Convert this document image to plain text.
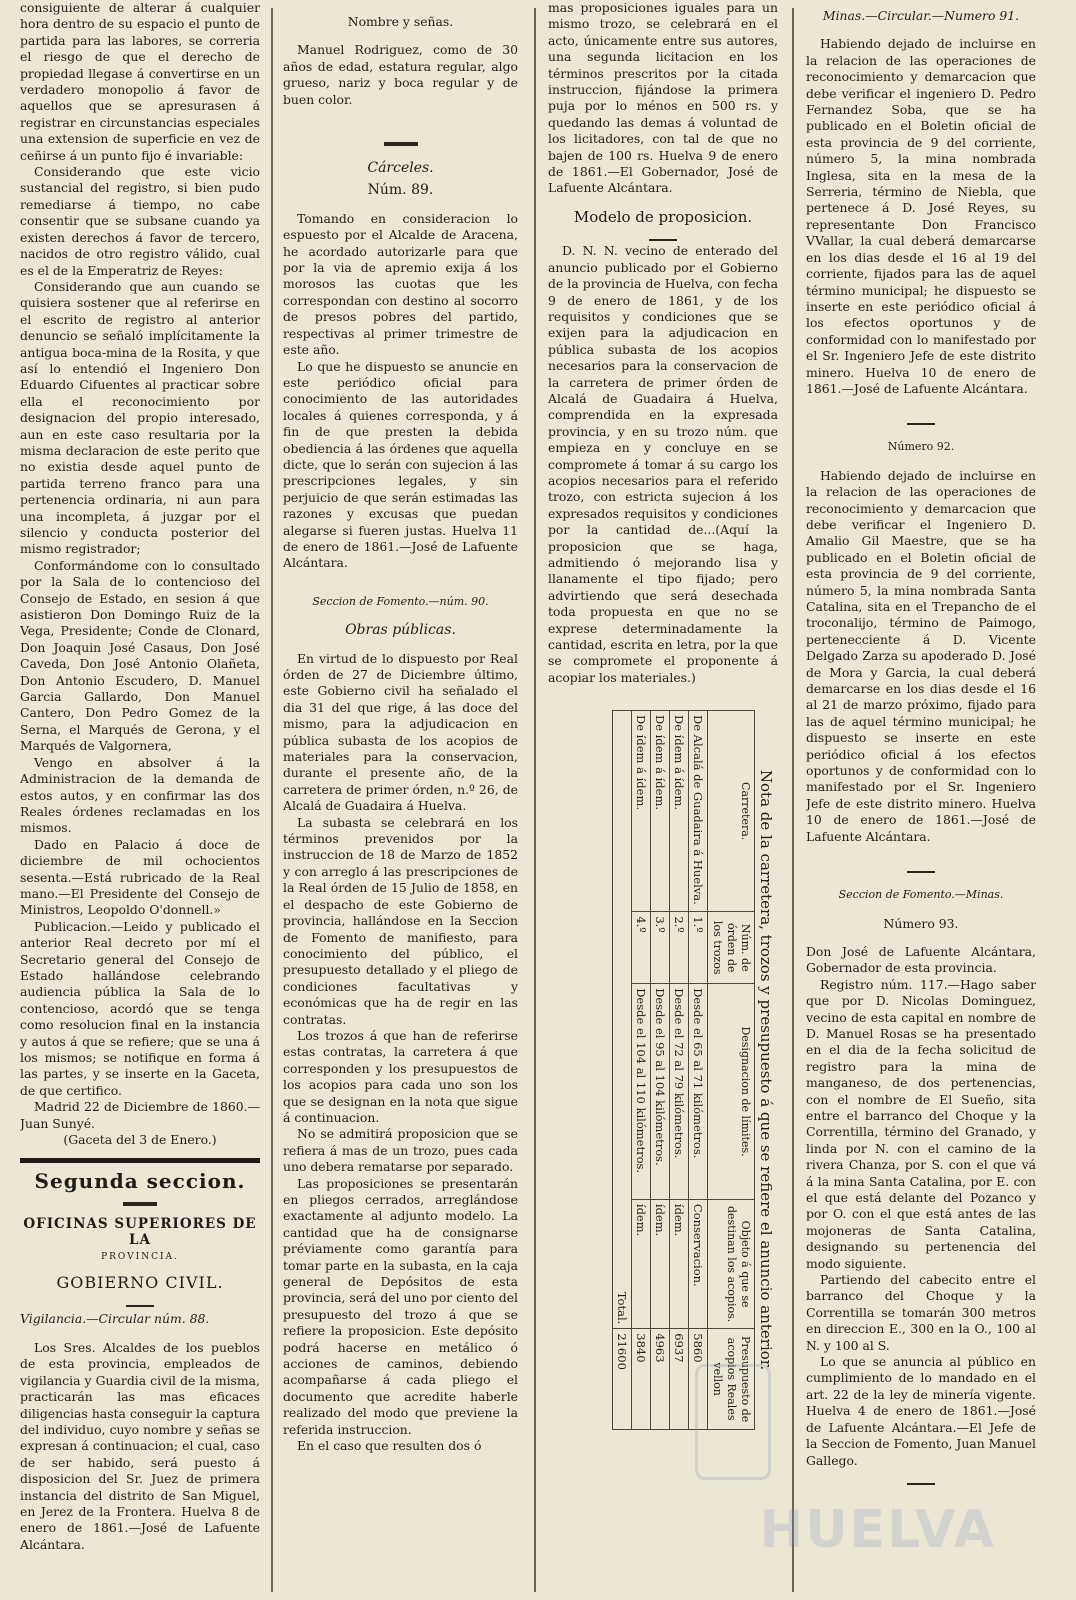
consiguiente de alterar á cualquier hora dentro de su espacio el punto de partida para las labores, se correria el riesgo de que el derecho de propiedad llegase á convertirse en un verdadero monopolio á favor de aquellos que se apresurasen á registrar en circunstancias especiales una extension de superficie en vez de ceñirse á un punto fijo é invariable:

Considerando que este vicio sustancial del registro, si bien pudo remediarse á tiempo, no cabe consentir que se subsane cuando ya existen derechos á favor de tercero, nacidos de otro registro válido, cual es el de la Emperatriz de Reyes:

Considerando que aun cuando se quisiera sostener que al referirse en el escrito de registro al anterior denuncio se señaló implícitamente la antigua boca-mina de la Rosita, y que así lo entendió el Ingeniero Don Eduardo Cifuentes al practicar sobre ella el reconocimiento por designacion del propio interesado, aun en este caso resultaria por la misma declaracion de este perito que no existia desde aquel punto de partida terreno franco para una pertenencia ordinaria, ni aun para una incompleta, á juzgar por el silencio y conducta posterior del mismo registrador;

Conformándome con lo consultado por la Sala de lo contencioso del Consejo de Estado, en sesion á que asistieron Don Domingo Ruiz de la Vega, Presidente; Conde de Clonard, Don Joaquin José Casaus, Don José Caveda, Don José Antonio Olañeta, Don Antonio Escudero, D. Manuel Garcia Gallardo, Don Manuel Cantero, Don Pedro Gomez de la Serna, el Marqués de Gerona, y el Marqués de Valgornera,

Vengo en absolver á la Administracion de la demanda de estos autos, y en confirmar las dos Reales órdenes reclamadas en los mismos.

Dado en Palacio á doce de diciembre de mil ochocientos sesenta.—Está rubricado de la Real mano.—El Presidente del Consejo de Ministros, Leopoldo O'donnell.»

Publicacion.—Leido y publicado el anterior Real decreto por mí el Secretario general del Consejo de Estado hallándose celebrando audiencia pública la Sala de lo contencioso, acordó que se tenga como resolucion final en la instancia y autos á que se refiere; que se una á los mismos; se notifique en forma á las partes, y se inserte en la Gaceta, de que certifico.

Madrid 22 de Diciembre de 1860.—Juan Sunyé.

(Gaceta del 3 de Enero.)

Segunda seccion.
OFICINAS SUPERIORES DE LA
PROVINCIA.
GOBIERNO CIVIL.

Vigilancia.—Circular núm. 88.

Los Sres. Alcaldes de los pueblos de esta provincia, empleados de vigilancia y Guardia civil de la misma, practicarán las mas eficaces diligencias hasta conseguir la captura del individuo, cuyo nombre y señas se expresan á continuacion; el cual, caso de ser habido, será puesto á disposicion del Sr. Juez de primera instancia del distrito de San Miguel, en Jerez de la Frontera. Huelva 8 de enero de 1861.—José de Lafuente Alcántara.

Nombre y señas.

Manuel Rodriguez, como de 30 años de edad, estatura regular, algo grueso, nariz y boca regular y de buen color.

Cárceles.

Núm. 89.

Tomando en consideracion lo espuesto por el Alcalde de Aracena, he acordado autorizarle para que por la via de apremio exija á los morosos las cuotas que les correspondan con destino al socorro de presos pobres del partido, respectivas al primer trimestre de este año.

Lo que he dispuesto se anuncie en este periódico oficial para conocimiento de las autoridades locales á quienes corresponda, y á fin de que presten la debida obediencia á las órdenes que aquella dicte, que lo serán con sujecion á las prescripciones legales, y sin perjuicio de que serán estimadas las razones y excusas que puedan alegarse si fueren justas. Huelva 11 de enero de 1861.—José de Lafuente Alcántara.

Seccion de Fomento.—núm. 90.

Obras públicas.

En virtud de lo dispuesto por Real órden de 27 de Diciembre último, este Gobierno civil ha señalado el dia 31 del que rige, á las doce del mismo, para la adjudicacion en pública subasta de los acopios de materiales para la conservacion, durante el presente año, de la carretera de primer órden, n.º 26, de Alcalá de Guadaira á Huelva.

La subasta se celebrará en los términos prevenidos por la instruccion de 18 de Marzo de 1852 y con arreglo á las prescripciones de la Real órden de 15 Julio de 1858, en el despacho de este Gobierno de provincia, hallándose en la Seccion de Fomento de manifiesto, para conocimiento del público, el presupuesto detallado y el pliego de condiciones facultativas y económicas que ha de regir en las contratas.

Los trozos á que han de referirse estas contratas, la carretera á que corresponden y los presupuestos de los acopios para cada uno son los que se designan en la nota que sigue á continuacion.

No se admitirá proposicion que se refiera á mas de un trozo, pues cada uno debera rematarse por separado.

Las proposiciones se presentarán en pliegos cerrados, arreglándose exactamente al adjunto modelo. La cantidad que ha de consignarse préviamente como garantía para tomar parte en la subasta, en la caja general de Depósitos de esta provincia, será del uno por ciento del presupuesto del trozo á que se refiere la proposicion. Este depósito podrá hacerse en metálico ó acciones de caminos, debiendo acompañarse á cada pliego el documento que acredite haberle realizado del modo que previene la referida instruccion.

En el caso que resulten dos ó

mas proposiciones iguales para un mismo trozo, se celebrará en el acto, únicamente entre sus autores, una segunda licitacion en los términos prescritos por la citada instruccion, fijándose la primera puja por lo ménos en 500 rs. y quedando las demas á voluntad de los licitadores, con tal de que no bajen de 100 rs. Huelva 9 de enero de 1861.—El Gobernador, José de Lafuente Alcántara.

Modelo de proposicion.

D. N. N. vecino de enterado del anuncio publicado por el Gobierno de la provincia de Huelva, con fecha 9 de enero de 1861, y de los requisitos y condiciones que se exijen para la adjudicacion en pública subasta de los acopios necesarios para la conservacion de la carretera de primer órden de Alcalá de Guadaira á Huelva, comprendida en la expresada provincia, y en su trozo núm. que empieza en y concluye en se compromete á tomar á su cargo los acopios necesarios para el referido trozo, con estricta sujecion á los expresados requisitos y condiciones por la cantidad de...(Aquí la proposicion que se haga, admitiendo ó mejorando lisa y llanamente el tipo fijado; pero advirtiendo que será desechada toda propuesta en que no se exprese determinadamente la cantidad, escrita en letra, por la que se compromete el proponente á acopiar los materiales.)

Nota de la carretera, trozos y presupuesto á que se refiere el anuncio anterior.
Carretera.	Núm. de órden de los trozos	Designacion de límites.	Objeto á que se destinan los acopios.	Presupuesto de acopios Reales vellon
De Alcalá de Guadaira á Huelva.	1.º	Desde el 65 al 71 kilómetros.	Conservacion.	5860
De ídem á ídem.	2.º	Desde el 72 al 79 kilómetros.	ídem.	6937
De ídem á ídem.	3.º	Desde el 95 al 104 kilómetros.	ídem.	4963
De ídem á ídem.	4.º	Desde el 104 al 110 kilómetros.	ídem.	3840
Total.				21600

Minas.—Circular.—Numero 91.

Habiendo dejado de incluirse en la relacion de las operaciones de reconocimiento y demarcacion que debe verificar el ingeniero D. Pedro Fernandez Soba, que se ha publicado en el Boletin oficial de esta provincia de 9 del corriente, número 5, la mina nombrada Inglesa, sita en la mesa de la Serreria, término de Niebla, que pertenece á D. José Reyes, su representante Don Francisco VVallar, la cual deberá demarcarse en los dias desde el 16 al 19 del corriente, fijados para las de aquel término municipal; he dispuesto se inserte en este periódico oficial á los efectos oportunos y de conformidad con lo manifestado por el Sr. Ingeniero Jefe de este distrito minero. Huelva 10 de enero de 1861.—José de Lafuente Alcántara.

Número 92.

Habiendo dejado de incluirse en la relacion de las operaciones de reconocimiento y demarcacion que debe verificar el Ingeniero D. Amalio Gil Maestre, que se ha publicado en el Boletin oficial de esta provincia de 9 del corriente, número 5, la mina nombrada Santa Catalina, sita en el Trepancho de el troconalijo, término de Paimogo, pertenecciente á D. Vicente Delgado Zarza su apoderado D. José de Mora y Garcia, la cual deberá demarcarse en los dias desde el 16 al 21 de marzo próximo, fijado para las de aquel término municipal; he dispuesto se inserte en este periódico oficial á los efectos oportunos y de conformidad con lo manifestado por el Sr. Ingeniero Jefe de este distrito minero. Huelva 10 de enero de 1861.—José de Lafuente Alcántara.

Seccion de Fomento.—Minas.

Número 93.

Don José de Lafuente Alcántara, Gobernador de esta provincia.

Registro núm. 117.—Hago saber que por D. Nicolas Dominguez, vecino de esta capital en nombre de D. Manuel Rosas se ha presentado en el dia de la fecha solicitud de registro para la mina de manganeso, de dos pertenencias, con el nombre de El Sueño, sita entre el barranco del Choque y la Correntilla, término del Granado, y linda por N. con el camino de la rivera Chanza, por S. con el que vá á la mina Santa Catalina, por E. con el que está delante del Pozanco y por O. con el que está antes de las mojoneras de Santa Catalina, designando su pertenencia del modo siguiente.

Partiendo del cabecito entre el barranco del Choque y la Correntilla se tomarán 300 metros en direccion E., 300 en la O., 100 al N. y 100 al S.

Lo que se anuncia al público en cumplimiento de lo mandado en el art. 22 de la ley de minería vigente. Huelva 4 de enero de 1861.—José de Lafuente Alcántara.—El Jefe de la Seccion de Fomento, Juan Manuel Gallego.

HUELVA
